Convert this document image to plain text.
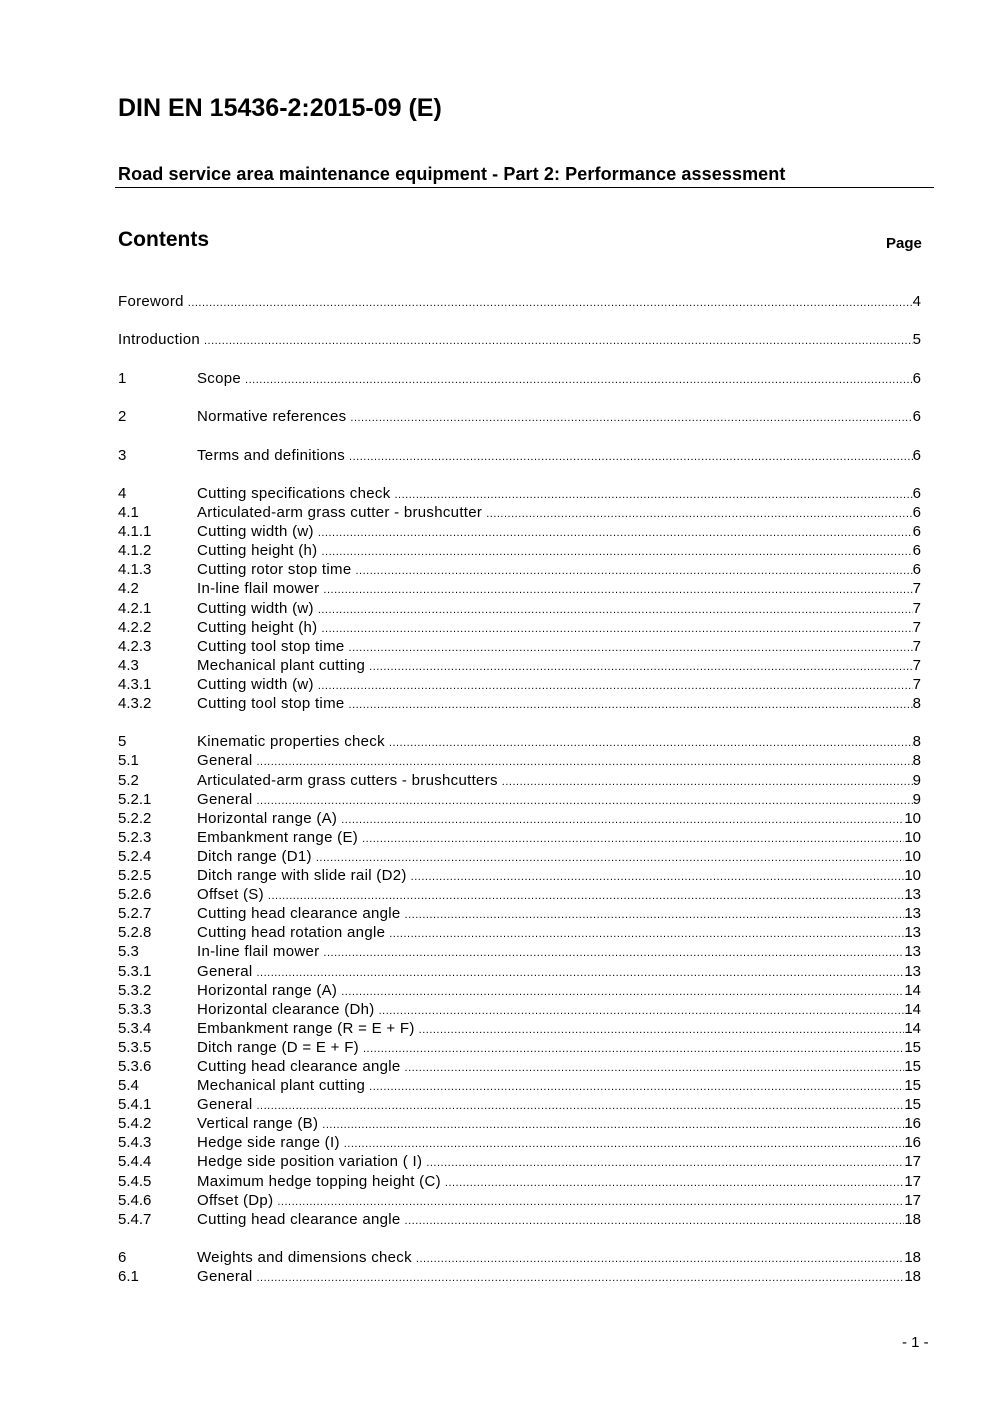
DIN EN 15436-2:2015-09 (E)
Road service area maintenance equipment - Part 2: Performance assessment
Contents	Page
Foreword .....	4
Introduction .....	5
1	Scope .....	6
2	Normative references .....	6
3	Terms and definitions .....	6
4	Cutting specifications check .....	6
4.1	Articulated-arm grass cutter - brushcutter .....	6
4.1.1	Cutting width (w) .....	6
4.1.2	Cutting height (h) .....	6
4.1.3	Cutting rotor stop time .....	6
4.2	In-line flail mower .....	7
4.2.1	Cutting width (w) .....	7
4.2.2	Cutting height (h) .....	7
4.2.3	Cutting tool stop time .....	7
4.3	Mechanical plant cutting .....	7
4.3.1	Cutting width (w) .....	7
4.3.2	Cutting tool stop time .....	8
5	Kinematic properties check .....	8
5.1	General .....	8
5.2	Articulated-arm grass cutters - brushcutters .....	9
5.2.1	General .....	9
5.2.2	Horizontal range (A) .....	10
5.2.3	Embankment range (E) .....	10
5.2.4	Ditch range (D1) .....	10
5.2.5	Ditch range with slide rail (D2) .....	10
5.2.6	Offset (S) .....	13
5.2.7	Cutting head clearance angle .....	13
5.2.8	Cutting head rotation angle .....	13
5.3	In-line flail mower .....	13
5.3.1	General .....	13
5.3.2	Horizontal range (A) .....	14
5.3.3	Horizontal clearance (Dh) .....	14
5.3.4	Embankment range (R = E + F) .....	14
5.3.5	Ditch range (D = E + F) .....	15
5.3.6	Cutting head clearance angle .....	15
5.4	Mechanical plant cutting .....	15
5.4.1	General .....	15
5.4.2	Vertical range (B) .....	16
5.4.3	Hedge side range (I) .....	16
5.4.4	Hedge side position variation ( I) .....	17
5.4.5	Maximum hedge topping height (C) .....	17
5.4.6	Offset (Dp) .....	17
5.4.7	Cutting head clearance angle .....	18
6	Weights and dimensions check .....	18
6.1	General .....	18
- 1 -
